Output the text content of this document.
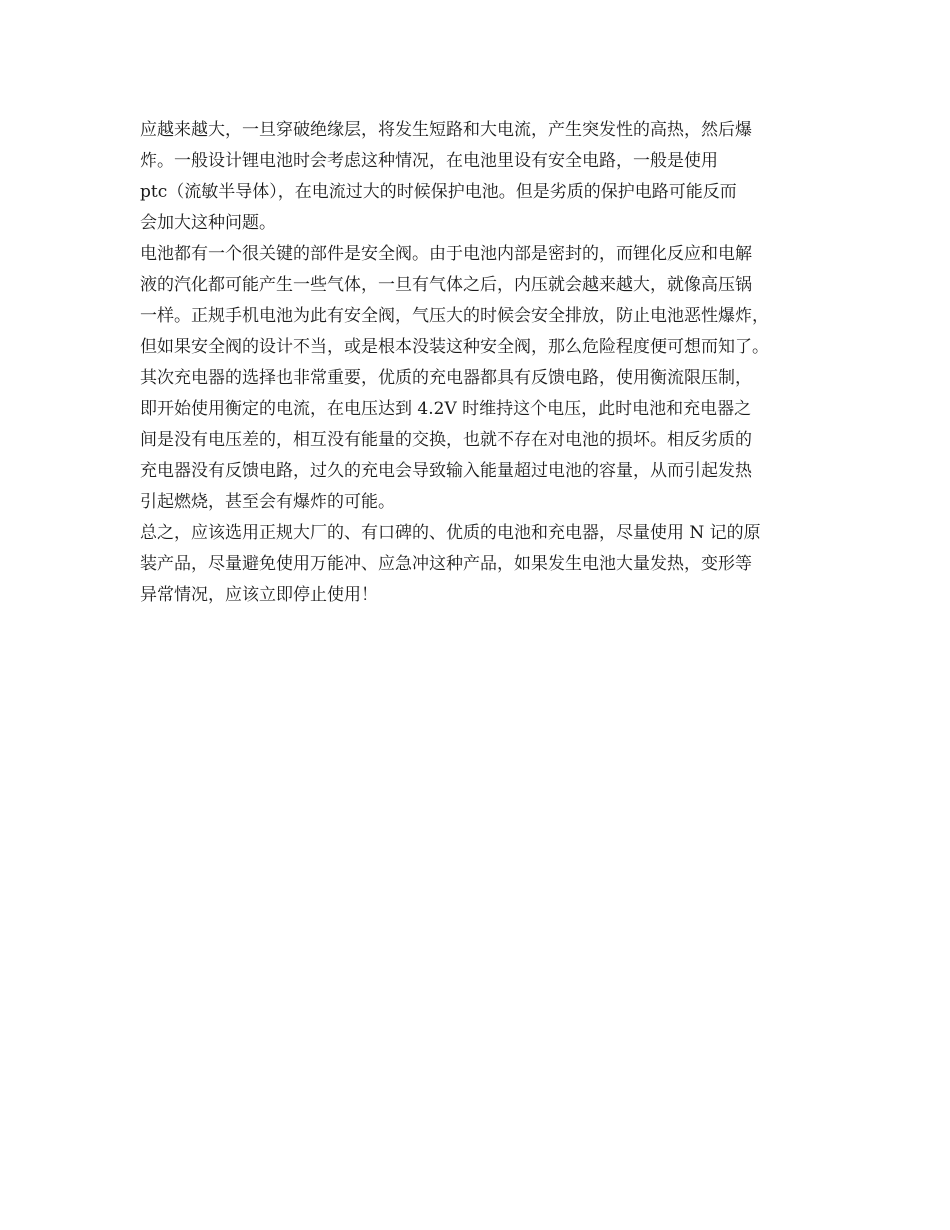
应越来越大，一旦穿破绝缘层，将发生短路和大电流，产生突发性的高热，然后爆
炸。一般设计锂电池时会考虑这种情况，在电池里设有安全电路，一般是使用
ptc（流敏半导体），在电流过大的时候保护电池。但是劣质的保护电路可能反而
会加大这种问题。
电池都有一个很关键的部件是安全阀。由于电池内部是密封的，而锂化反应和电解
液的汽化都可能产生一些气体，一旦有气体之后，内压就会越来越大，就像高压锅
一样。正规手机电池为此有安全阀，气压大的时候会安全排放，防止电池恶性爆炸，
但如果安全阀的设计不当，或是根本没装这种安全阀，那么危险程度便可想而知了。
其次充电器的选择也非常重要，优质的充电器都具有反馈电路，使用衡流限压制，
即开始使用衡定的电流，在电压达到 4.2V 时维持这个电压，此时电池和充电器之
间是没有电压差的，相互没有能量的交换，也就不存在对电池的损坏。相反劣质的
充电器没有反馈电路，过久的充电会导致输入能量超过电池的容量，从而引起发热
引起燃烧，甚至会有爆炸的可能。
总之，应该选用正规大厂的、有口碑的、优质的电池和充电器，尽量使用 N 记的原
装产品，尽量避免使用万能冲、应急冲这种产品，如果发生电池大量发热，变形等
异常情况，应该立即停止使用！
